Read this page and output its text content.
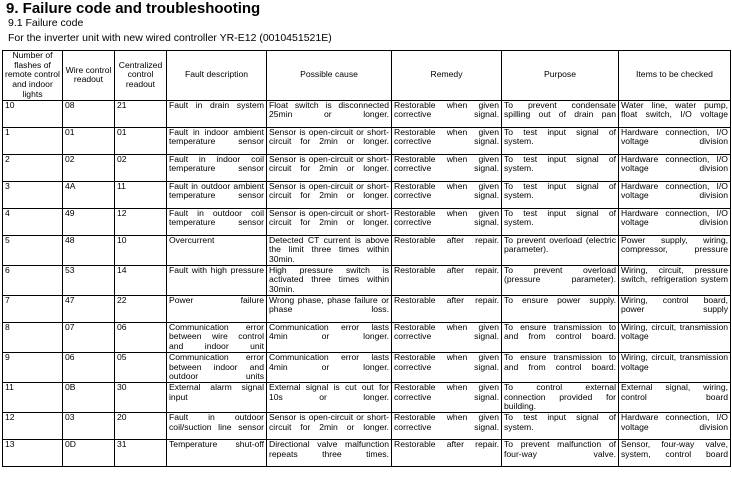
9. Failure code and troubleshooting
9.1 Failure code
For the inverter unit with new wired controller YR-E12 (0010451521E)
Number of flashes of remote control and indoor lights	Wire control readout	Centralized control readout	Fault description	Possible cause	Remedy	Purpose	Items to be checked
10	08	21	Fault in drain system	Float switch is disconnected 25min or longer.	Restorable when given corrective signal.	To prevent condensate spilling out of drain pan	Water line, water pump, float switch, I/O voltage
1	01	01	Fault in indoor ambient temperature sensor	Sensor is open-circuit or short-circuit for 2min or longer.	Restorable when given corrective signal.	To test input signal of system.	Hardware connection, I/O voltage division
2	02	02	Fault in indoor coil temperature sensor	Sensor is open-circuit or short-circuit for 2min or longer.	Restorable when given corrective signal.	To test input signal of system.	Hardware connection, I/O voltage division
3	4A	11	Fault in outdoor ambient temperature sensor	Sensor is open-circuit or short-circuit for 2min or longer.	Restorable when given corrective signal.	To test input signal of system.	Hardware connection, I/O voltage division
4	49	12	Fault in outdoor coil temperature sensor	Sensor is open-circuit or short-circuit for 2min or longer.	Restorable when given corrective signal.	To test input signal of system.	Hardware connection, I/O voltage division
5	48	10	Overcurrent	Detected CT current is above the limit three times within 30min.	Restorable after repair.	To prevent overload (electric parameter).	Power supply, wiring, compressor, pressure
6	53	14	Fault with high pressure	High pressure switch is activated three times within 30min.	Restorable after repair.	To prevent overload (pressure parameter).	Wiring, circuit, pressure switch, refrigeration system
7	47	22	Power failure	Wrong phase, phase failure or phase loss.	Restorable after repair.	To ensure power supply.	Wiring, control board, power supply
8	07	06	Communication error between wire control and indoor unit	Communication error lasts 4min or longer.	Restorable when given corrective signal.	To ensure transmission to and from control board.	Wiring, circuit, transmission voltage
9	06	05	Communication error between indoor and outdoor units	Communication error lasts 4min or longer.	Restorable when given corrective signal.	To ensure transmission to and from control board.	Wiring, circuit, transmission voltage
11	0B	30	External alarm signal input	External signal is cut out for 10s or longer.	Restorable when given corrective signal.	To control external connection provided for building.	External signal, wiring, control board
12	03	20	Fault in outdoor coil/suction line sensor	Sensor is open-circuit or short-circuit for 2min or longer.	Restorable when given corrective signal.	To test input signal of system.	Hardware connection, I/O voltage division
13	0D	31	Temperature shut-off	Directional valve malfunction repeats three times.	Restorable after repair.	To prevent malfunction of four-way valve.	Sensor, four-way valve, system, control board
